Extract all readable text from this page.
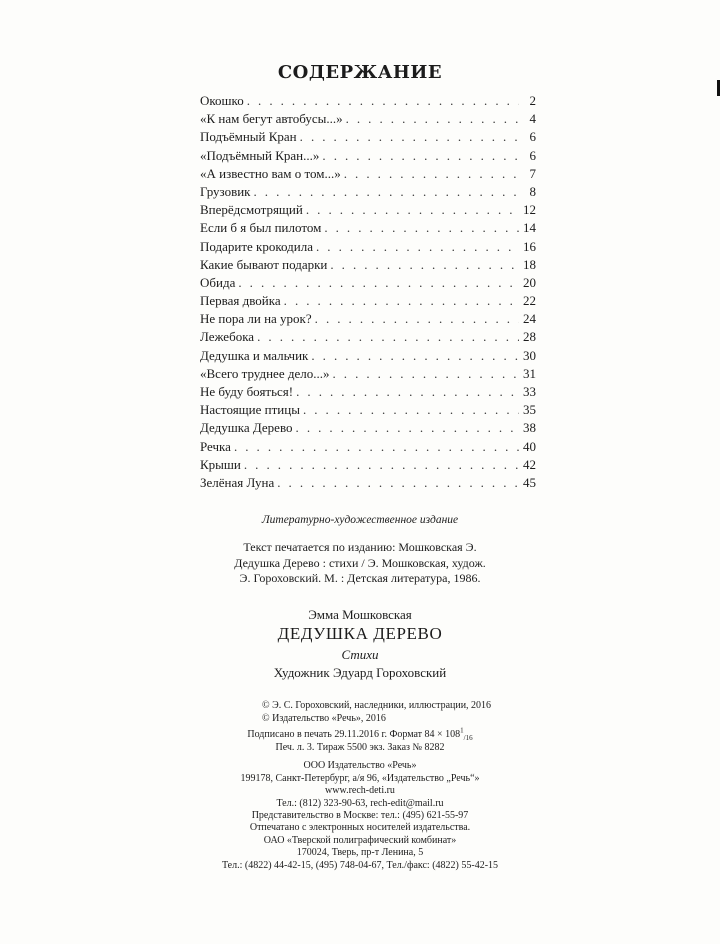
СОДЕРЖАНИЕ
Окошко . . .	2
«К нам бегут автобусы...» . . .	4
Подъёмный Кран . . .	6
«Подъёмный Кран...» . . .	6
«А известно вам о том...» . . .	7
Грузовик . . .	8
Вперёдсмотрящий . . .	12
Если б я был пилотом . . .	14
Подарите крокодила . . .	16
Какие бывают подарки . . .	18
Обида . . .	20
Первая двойка . . .	22
Не пора ли на урок? . . .	24
Лежебока . . .	28
Дедушка и мальчик . . .	30
«Всего труднее дело...» . . .	31
Не буду бояться! . . .	33
Настоящие птицы . . .	35
Дедушка Дерево . . .	38
Речка . . .	40
Крыши . . .	42
Зелёная Луна . . .	45
Литературно-художественное издание
Текст печатается по изданию: Мошковская Э.
Дедушка Дерево : стихи / Э. Мошковская, худож.
Э. Гороховский. М. : Детская литература, 1986.
Эмма Мошковская
ДЕДУШКА ДЕРЕВО
Стихи
Художник Эдуард Гороховский
© Э. С. Гороховский, наследники, иллюстрации, 2016
© Издательство «Речь», 2016
Подписано в печать 29.11.2016 г. Формат $84 \times 108^1_{/16}$
Печ. л. 3. Тираж 5500 экз. Заказ № 8282
ООО Издательство «Речь»
199178, Санкт-Петербург, а/я 96, «Издательство „Речь“»
www.rech-deti.ru
Тел.: (812) 323-90-63, rech-edit@mail.ru
Представительство в Москве: тел.: (495) 621-55-97
Отпечатано с электронных носителей издательства.
ОАО «Тверской полиграфический комбинат»
170024, Тверь, пр-т Ленина, 5
Тел.: (4822) 44-42-15, (495) 748-04-67, Тел./факс: (4822) 55-42-15
